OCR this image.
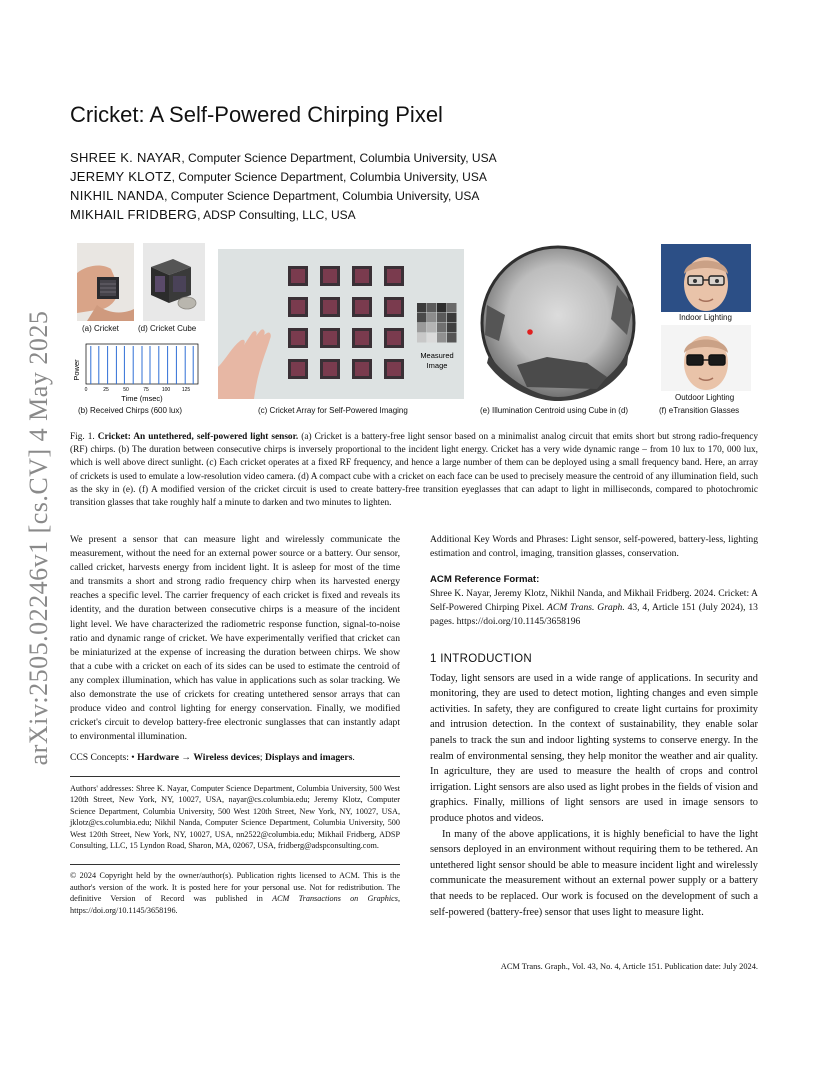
arXiv:2505.02246v1 [cs.CV] 4 May 2025
Cricket: A Self-Powered Chirping Pixel
SHREE K. NAYAR, Computer Science Department, Columbia University, USA
JEREMY KLOTZ, Computer Science Department, Columbia University, USA
NIKHIL NANDA, Computer Science Department, Columbia University, USA
MIKHAIL FRIDBERG, ADSP Consulting, LLC, USA
(a) Cricket (d) Cricket Cube
Power
0	25	50	75	100 125
Time (msec)
(b) Received Chirps (600 lux)
Measured
Image
(c) Cricket Array for Self-Powered Imaging	(e) Illumination Centroid using Cube in (d)
Indoor Lighting
Outdoor Lighting
(f) eTransition Glasses
Fig. 1. Cricket: An untethered, self-powered light sensor. (a) Cricket is a battery-free light sensor based on a minimalist analog circuit that emits short but strong radio-frequency (RF) chirps. (b) The duration between consecutive chirps is inversely proportional to the incident light energy. Cricket has a very wide dynamic range – from 10 lux to 170, 000 lux, which is well above direct sunlight. (c) Each cricket operates at a fixed RF frequency, and hence a large number of them can be deployed using a small frequency band. Here, an array of crickets is used to emulate a low-resolution video camera. (d) A compact cube with a cricket on each face can be used to precisely measure the centroid of any illumination field, such as the sky in (e). (f) A modified version of the cricket circuit is used to create battery-free transition eyeglasses that can adapt to light in milliseconds, compared to photochromic transition glasses that take roughly half a minute to darken and two minutes to lighten.
We present a sensor that can measure light and wirelessly communicate the measurement, without the need for an external power source or a battery. Our sensor, called cricket, harvests energy from incident light. It is asleep for most of the time and transmits a short and strong radio frequency chirp when its harvested energy reaches a specific level. The carrier frequency of each cricket is fixed and reveals its identity, and the duration between consecutive chirps is a measure of the incident light level. We have characterized the radiometric response function, signal-to-noise ratio and dynamic range of cricket. We have experimentally verified that cricket can be miniaturized at the expense of increasing the duration between chirps. We show that a cube with a cricket on each of its sides can be used to estimate the centroid of any complex illumination, which has value in applications such as solar tracking. We also demonstrate the use of crickets for creating untethered sensor arrays that can produce video and control lighting for energy conservation. Finally, we modified cricket's circuit to develop battery-free electronic sunglasses that can instantly adapt to environmental illumination.
CCS Concepts: • Hardware → Wireless devices; Displays and imagers.
Authors' addresses: Shree K. Nayar, Computer Science Department, Columbia University, 500 West 120th Street, New York, NY, 10027, USA, nayar@cs.columbia.edu; Jeremy Klotz, Computer Science Department, Columbia University, 500 West 120th Street, New York, NY, 10027, USA, jklotz@cs.columbia.edu; Nikhil Nanda, Computer Science Department, Columbia University, 500 West 120th Street, New York, NY, 10027, USA, nn2522@columbia.edu; Mikhail Fridberg, ADSP Consulting, LLC, 15 Lyndon Road, Sharon, MA, 02067, USA, fridberg@adspconsulting.com.
© 2024 Copyright held by the owner/author(s). Publication rights licensed to ACM. This is the author's version of the work. It is posted here for your personal use. Not for redistribution. The definitive Version of Record was published in ACM Transactions on Graphics, https://doi.org/10.1145/3658196.
Additional Key Words and Phrases: Light sensor, self-powered, battery-less, lighting estimation and control, imaging, transition glasses, conservation.
ACM Reference Format:
Shree K. Nayar, Jeremy Klotz, Nikhil Nanda, and Mikhail Fridberg. 2024. Cricket: A Self-Powered Chirping Pixel. ACM Trans. Graph. 43, 4, Article 151 (July 2024), 13 pages. https://doi.org/10.1145/3658196
1 INTRODUCTION
Today, light sensors are used in a wide range of applications. In security and monitoring, they are used to detect motion, lighting changes and even simple activities. In safety, they are configured to create light curtains for proximity and intrusion detection. In the context of sustainability, they enable solar panels to track the sun and indoor lighting systems to conserve energy. In the realm of environmental sensing, they help monitor the weather and air quality. In agriculture, they are used to measure the health of crops and control irrigation. Light sensors are also used as light probes in the fields of vision and graphics. Finally, millions of light sensors are used in image sensors to produce photos and videos.
In many of the above applications, it is highly beneficial to have the light sensors deployed in an environment without requiring them to be tethered. An untethered light sensor should be able to measure incident light and wirelessly communicate the measurement without an external power supply or a battery that needs to be replaced. Our work is focused on the development of such a self-powered (battery-free) sensor that uses light to measure light.
ACM Trans. Graph., Vol. 43, No. 4, Article 151. Publication date: July 2024.
